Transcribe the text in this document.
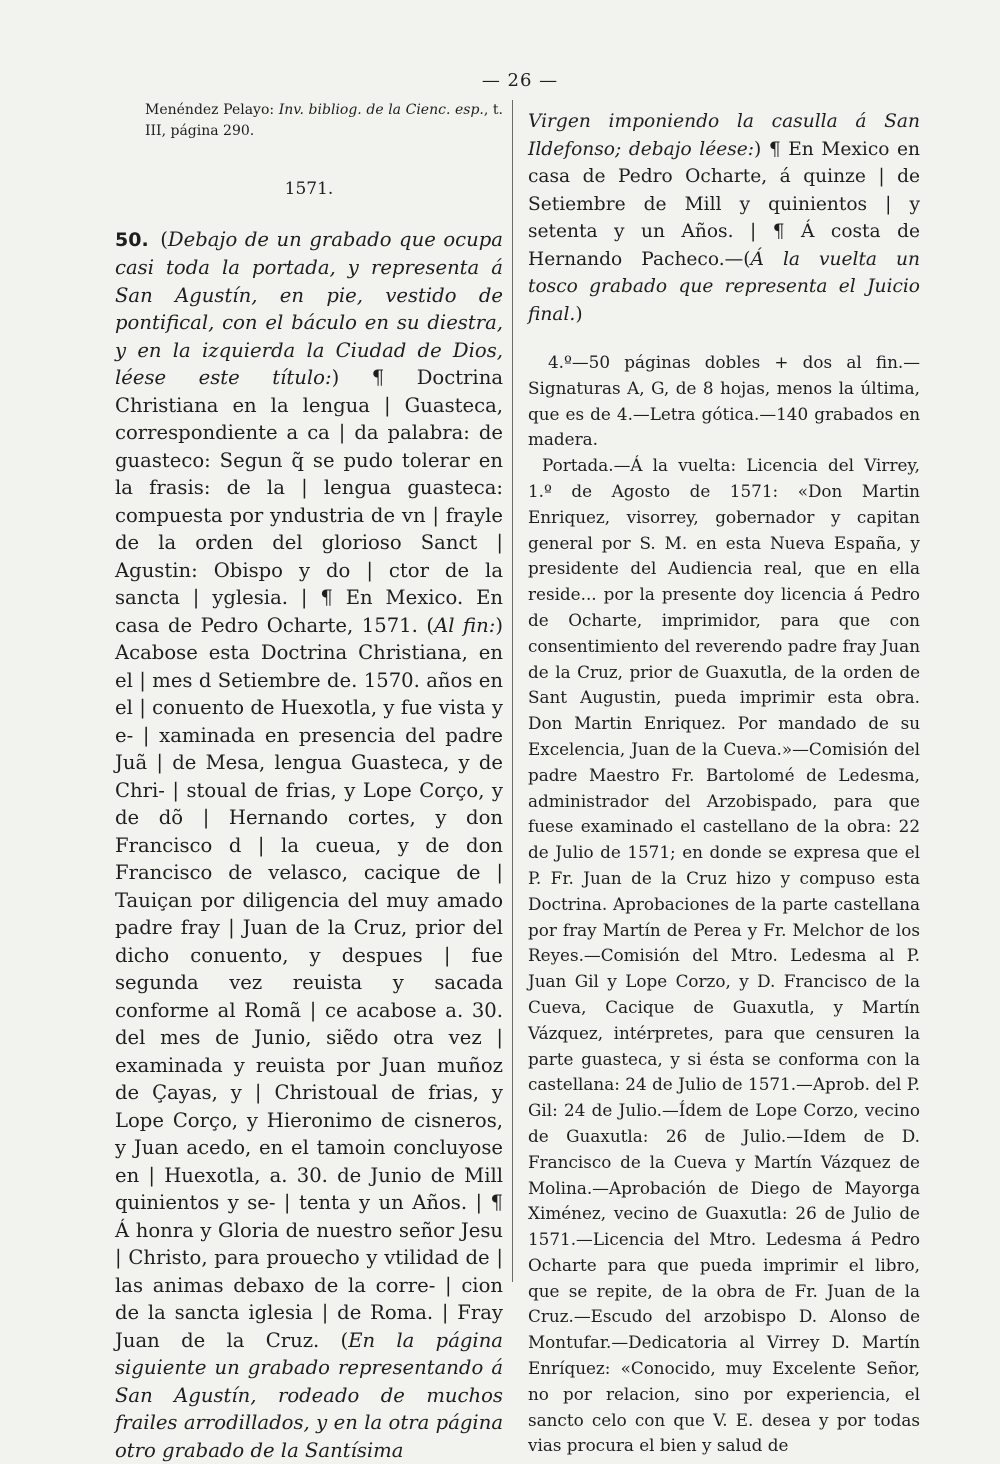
— 26 —
Menéndez Pelayo: Inv. bibliog. de la Cienc. esp., t. III, página 290.
1571.

50. (Debajo de un grabado que ocupa casi toda la portada, y representa á San Agustín, en pie, vestido de pontifical, con el báculo en su diestra, y en la izquierda la Ciudad de Dios, léese este título:) ¶ Doctrina Christiana en la lengua | Guasteca, correspondiente a ca | da palabra: de guasteco: Segun q̃ se pudo tolerar en la frasis: de la | lengua guasteca: compuesta por yndustria de vn | frayle de la orden del glorioso Sanct | Agustin: Obispo y do | ctor de la sancta | yglesia. | ¶ En Mexico. En casa de Pedro Ocharte, 1571. (Al fin:) Acabose esta Doctrina Christiana, en el | mes d Setiembre de. 1570. años en el | conuento de Huexotla, y fue vista y e- | xaminada en presencia del padre Juã | de Mesa, lengua Guasteca, y de Chri- | stoual de frias, y Lope Corço, y de dõ | Hernando cortes, y don Francisco d | la cueua, y de don Francisco de velasco, cacique de | Tauiçan por diligencia del muy amado padre fray | Juan de la Cruz, prior del dicho conuento, y despues | fue segunda vez reuista y sacada conforme al Romã | ce acabose a. 30. del mes de Junio, siẽdo otra vez | examinada y reuista por Juan muñoz de Çayas, y | Christoual de frias, y Lope Corço, y Hieronimo de cisneros, y Juan acedo, en el tamoin concluyose en | Huexotla, a. 30. de Junio de Mill quinientos y se- | tenta y un Años. | ¶ Á honra y Gloria de nuestro señor Jesu | Christo, para prouecho y vtilidad de | las animas debaxo de la corre- | cion de la sancta iglesia | de Roma. | Fray Juan de la Cruz. (En la página siguiente un grabado representando á San Agustín, rodeado de muchos frailes arrodillados, y en la otra página otro grabado de la Santísima

Virgen imponiendo la casulla á San Ildefonso; debajo léese:) ¶ En Mexico en casa de Pedro Ocharte, á quinze | de Setiembre de Mill y quinientos | y setenta y un Años. | ¶ Á costa de Hernando Pacheco.—(Á la vuelta un tosco grabado que representa el Juicio final.)

4.º—50 páginas dobles + dos al fin.—Signaturas A, G, de 8 hojas, menos la última, que es de 4.—Letra gótica.—140 grabados en madera.

Portada.—Á la vuelta: Licencia del Virrey, 1.º de Agosto de 1571: «Don Martin Enriquez, visorrey, gobernador y capitan general por S. M. en esta Nueva España, y presidente del Audiencia real, que en ella reside... por la presente doy licencia á Pedro de Ocharte, imprimidor, para que con consentimiento del reverendo padre fray Juan de la Cruz, prior de Guaxutla, de la orden de Sant Augustin, pueda imprimir esta obra. Don Martin Enriquez. Por mandado de su Excelencia, Juan de la Cueva.»—Comisión del padre Maestro Fr. Bartolomé de Ledesma, administrador del Arzobispado, para que fuese examinado el castellano de la obra: 22 de Julio de 1571; en donde se expresa que el P. Fr. Juan de la Cruz hizo y compuso esta Doctrina. Aprobaciones de la parte castellana por fray Martín de Perea y Fr. Melchor de los Reyes.—Comisión del Mtro. Ledesma al P. Juan Gil y Lope Corzo, y D. Francisco de la Cueva, Cacique de Guaxutla, y Martín Vázquez, intérpretes, para que censuren la parte guasteca, y si ésta se conforma con la castellana: 24 de Julio de 1571.—Aprob. del P. Gil: 24 de Julio.—Ídem de Lope Corzo, vecino de Guaxutla: 26 de Julio.—Idem de D. Francisco de la Cueva y Martín Vázquez de Molina.—Aprobación de Diego de Mayorga Ximénez, vecino de Guaxutla: 26 de Julio de 1571.—Licencia del Mtro. Ledesma á Pedro Ocharte para que pueda imprimir el libro, que se repite, de la obra de Fr. Juan de la Cruz.—Escudo del arzobispo D. Alonso de Montufar.—Dedicatoria al Virrey D. Martín Enríquez: «Conocido, muy Excelente Señor, no por relacion, sino por experiencia, el sancto celo con que V. E. desea y por todas vias procura el bien y salud de
